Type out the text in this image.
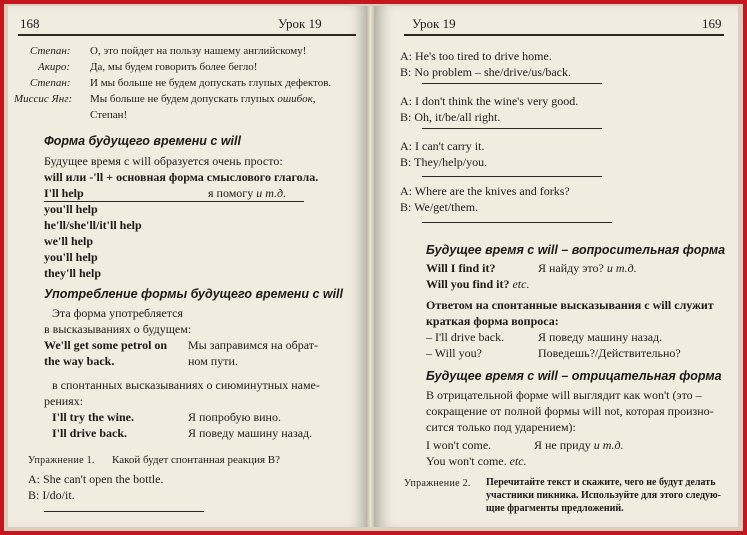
168	Урок 19
Степан: О, это пойдет на пользу нашему английскому!
Акиро: Да, мы будем говорить более бегло!
Степан: И мы больше не будем допускать глупых дефектов.
Миссис Янг: Мы больше не будем допускать глупых ошибок,
Степан!
Форма будущего времени с will
Будущее время с will образуется очень просто:
will или -'ll + основная форма смыслового глагола.
I'll help	я помогу и т.д.
you'll help
he'll/she'll/it'll help
we'll help
you'll help
they'll help
Употребление формы будущего времени с will
Эта форма употребляется
в высказываниях о будущем:
We'll get some petrol on
the way back.
Мы заправимся на обрат-
ном пути.
в спонтанных высказываниях о сиюминутных наме-
рениях:
I'll try the wine.	Я попробую вино.
I'll drive back.	Я поведу машину назад.
Упражнение 1. Какой будет спонтанная реакция B?
A: She can't open the bottle.
B: I/do/it.
Урок 19	169
A: He's too tired to drive home.
B: No problem – she/drive/us/back.
A: I don't think the wine's very good.
B: Oh, it/be/all right.
A: I can't carry it.
B: They/help/you.
A: Where are the knives and forks?
B: We/get/them.
Будущее время с will – вопросительная форма
Will I find it?	Я найду это? и т.д.
Will you find it? etc.
Ответом на спонтанные высказывания с will служит
краткая форма вопроса:
– I'll drive back.	Я поведу машину назад.
– Will you?	Поведешь?/Действительно?
Будущее время с will – отрицательная форма
В отрицательной форме will выглядит как won't (это –
сокращение от полной формы will not, которая произно-
сится только под ударением):
I won't come.	Я не приду и т.д.
You won't come. etc.
Упражнение 2. Перечитайте текст и скажите, чего не будут делать
участники пикника. Используйте для этого следую-
щие фрагменты предложений.
